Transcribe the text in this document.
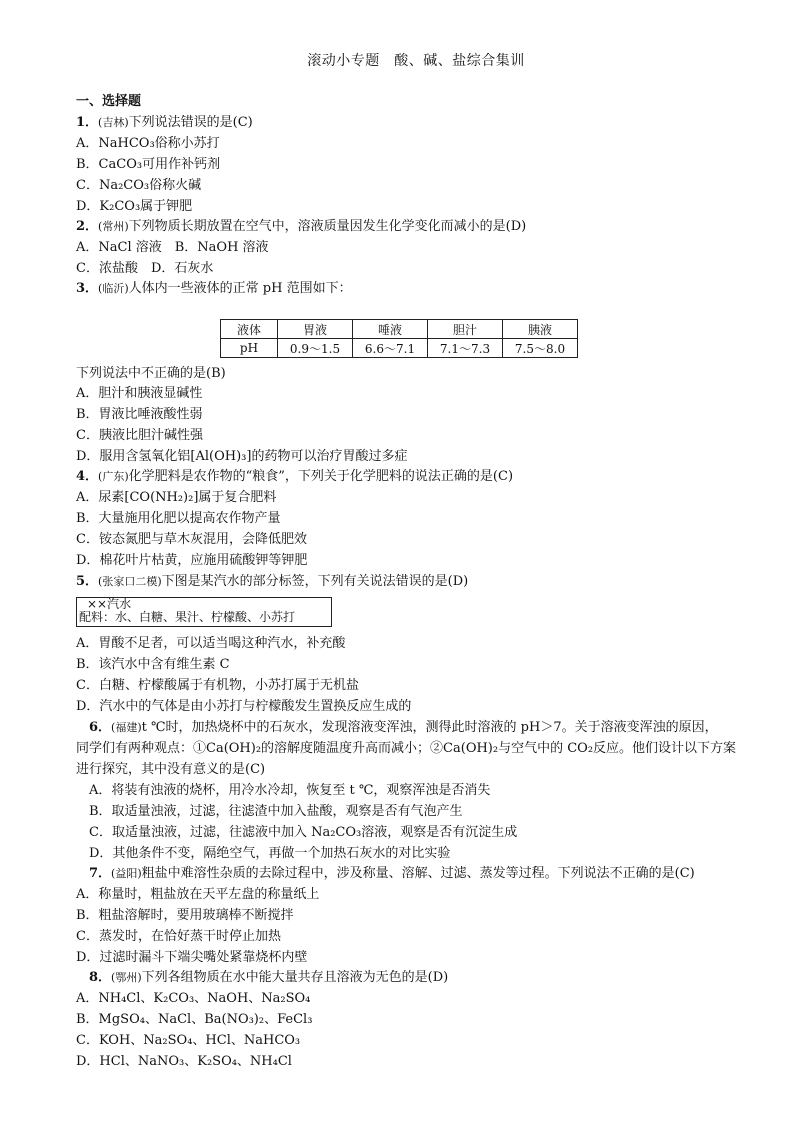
滚动小专题　酸、碱、盐综合集训
一、选择题
1．(吉林)下列说法错误的是(C)
A．NaHCO₃俗称小苏打
B．CaCO₃可用作补钙剂
C．Na₂CO₃俗称火碱
D．K₂CO₃属于钾肥
2．(常州)下列物质长期放置在空气中，溶液质量因发生化学变化而减小的是(D)
A．NaCl 溶液　B．NaOH 溶液
C．浓盐酸　D．石灰水
3．(临沂)人体内一些液体的正常 pH 范围如下：
液体	胃液	唾液	胆汁	胰液
pH	0.9～1.5	6.6～7.1	7.1～7.3	7.5～8.0
下列说法中不正确的是(B)
A．胆汁和胰液显碱性
B．胃液比唾液酸性弱
C．胰液比胆汁碱性强
D．服用含氢氧化铝[Al(OH)₃]的药物可以治疗胃酸过多症
4．(广东)化学肥料是农作物的“粮食”，下列关于化学肥料的说法正确的是(C)
A．尿素[CO(NH₂)₂]属于复合肥料
B．大量施用化肥以提高农作物产量
C．铵态氮肥与草木灰混用，会降低肥效
D．棉花叶片枯黄，应施用硫酸钾等钾肥
5．(张家口二模)下图是某汽水的部分标签，下列有关说法错误的是(D)
××汽水
配料：水、白糖、果汁、柠檬酸、小苏打
A．胃酸不足者，可以适当喝这种汽水，补充酸
B．该汽水中含有维生素 C
C．白糖、柠檬酸属于有机物，小苏打属于无机盐
D．汽水中的气体是由小苏打与柠檬酸发生置换反应生成的
6．(福建)t ℃时，加热烧杯中的石灰水，发现溶液变浑浊，测得此时溶液的 pH＞7。关于溶液变浑浊的原因，
同学们有两种观点：①Ca(OH)₂的溶解度随温度升高而减小；②Ca(OH)₂与空气中的 CO₂反应。他们设计以下方案
进行探究，其中没有意义的是(C)
A．将装有浊液的烧杯，用冷水冷却，恢复至 t ℃，观察浑浊是否消失
B．取适量浊液，过滤，往滤渣中加入盐酸，观察是否有气泡产生
C．取适量浊液，过滤，往滤液中加入 Na₂CO₃溶液，观察是否有沉淀生成
D．其他条件不变，隔绝空气，再做一个加热石灰水的对比实验
7．(益阳)粗盐中难溶性杂质的去除过程中，涉及称量、溶解、过滤、蒸发等过程。下列说法不正确的是(C)
A．称量时，粗盐放在天平左盘的称量纸上
B．粗盐溶解时，要用玻璃棒不断搅拌
C．蒸发时，在恰好蒸干时停止加热
D．过滤时漏斗下端尖嘴处紧靠烧杯内壁
8．(鄂州)下列各组物质在水中能大量共存且溶液为无色的是(D)
A．NH₄Cl、K₂CO₃、NaOH、Na₂SO₄
B．MgSO₄、NaCl、Ba(NO₃)₂、FeCl₃
C．KOH、Na₂SO₄、HCl、NaHCO₃
D．HCl、NaNO₃、K₂SO₄、NH₄Cl
